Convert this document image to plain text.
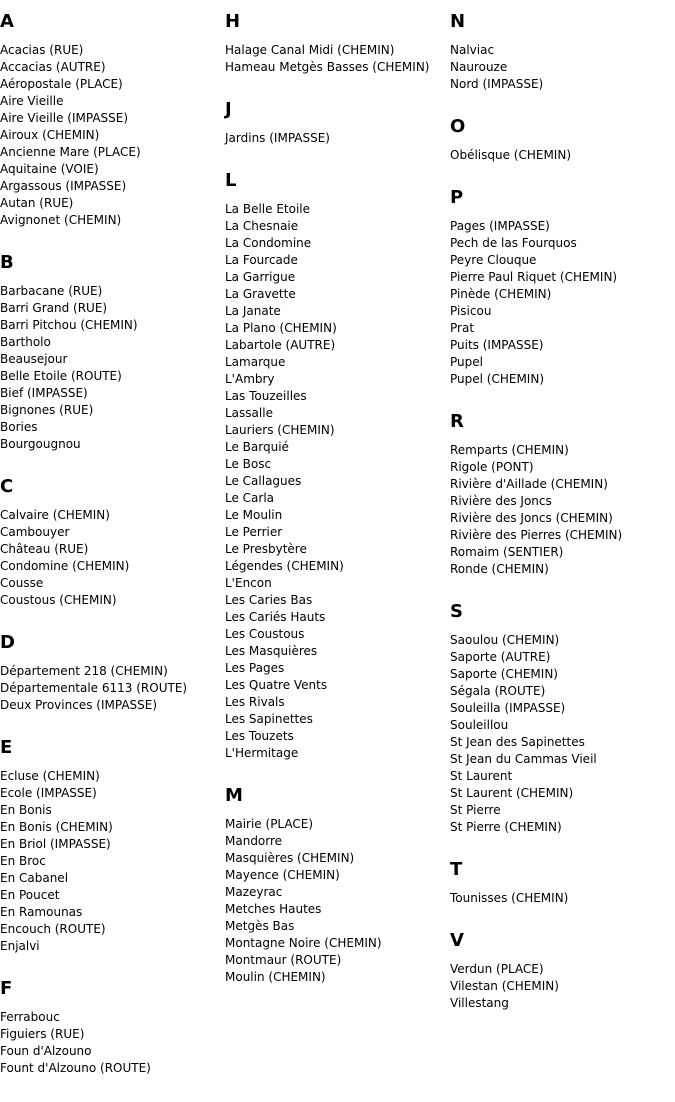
A
Acacias (RUE)
Accacias (AUTRE)
Aéropostale (PLACE)
Aire Vieille
Aire Vieille (IMPASSE)
Airoux (CHEMIN)
Ancienne Mare (PLACE)
Aquitaine (VOIE)
Argassous (IMPASSE)
Autan (RUE)
Avignonet (CHEMIN)
B
Barbacane (RUE)
Barri Grand (RUE)
Barri Pitchou (CHEMIN)
Bartholo
Beausejour
Belle Etoile (ROUTE)
Bief (IMPASSE)
Bignones (RUE)
Bories
Bourgougnou
C
Calvaire (CHEMIN)
Cambouyer
Château (RUE)
Condomine (CHEMIN)
Cousse
Coustous (CHEMIN)
D
Département 218 (CHEMIN)
Départementale 6113 (ROUTE)
Deux Provinces (IMPASSE)
E
Ecluse (CHEMIN)
Ecole (IMPASSE)
En Bonis
En Bonis (CHEMIN)
En Briol (IMPASSE)
En Broc
En Cabanel
En Poucet
En Ramounas
Encouch (ROUTE)
Enjalvi
F
Ferrabouc
Figuiers (RUE)
Foun d'Alzouno
Fount d'Alzouno (ROUTE)
H
Halage Canal Midi (CHEMIN)
Hameau Metgès Basses (CHEMIN)
J
Jardins (IMPASSE)
L
La Belle Etoile
La Chesnaie
La Condomine
La Fourcade
La Garrigue
La Gravette
La Janate
La Plano (CHEMIN)
Labartole (AUTRE)
Lamarque
L'Ambry
Las Touzeilles
Lassalle
Lauriers (CHEMIN)
Le Barquié
Le Bosc
Le Callagues
Le Carla
Le Moulin
Le Perrier
Le Presbytère
Légendes (CHEMIN)
L'Encon
Les Caries Bas
Les Cariés Hauts
Les Coustous
Les Masquières
Les Pages
Les Quatre Vents
Les Rivals
Les Sapinettes
Les Touzets
L'Hermitage
M
Mairie (PLACE)
Mandorre
Masquières (CHEMIN)
Mayence (CHEMIN)
Mazeyrac
Metches Hautes
Metgès Bas
Montagne Noire (CHEMIN)
Montmaur (ROUTE)
Moulin (CHEMIN)
N
Nalviac
Naurouze
Nord (IMPASSE)
O
Obélisque (CHEMIN)
P
Pages (IMPASSE)
Pech de las Fourquos
Peyre Clouque
Pierre Paul Riquet (CHEMIN)
Pinède (CHEMIN)
Pisicou
Prat
Puits (IMPASSE)
Pupel
Pupel (CHEMIN)
R
Remparts (CHEMIN)
Rigole (PONT)
Rivière d'Aillade (CHEMIN)
Rivière des Joncs
Rivière des Joncs (CHEMIN)
Rivière des Pierres (CHEMIN)
Romaim (SENTIER)
Ronde (CHEMIN)
S
Saoulou (CHEMIN)
Saporte (AUTRE)
Saporte (CHEMIN)
Ségala (ROUTE)
Souleilla (IMPASSE)
Souleillou
St Jean des Sapinettes
St Jean du Cammas Vieil
St Laurent
St Laurent (CHEMIN)
St Pierre
St Pierre (CHEMIN)
T
Tounisses (CHEMIN)
V
Verdun (PLACE)
Vilestan (CHEMIN)
Villestang
